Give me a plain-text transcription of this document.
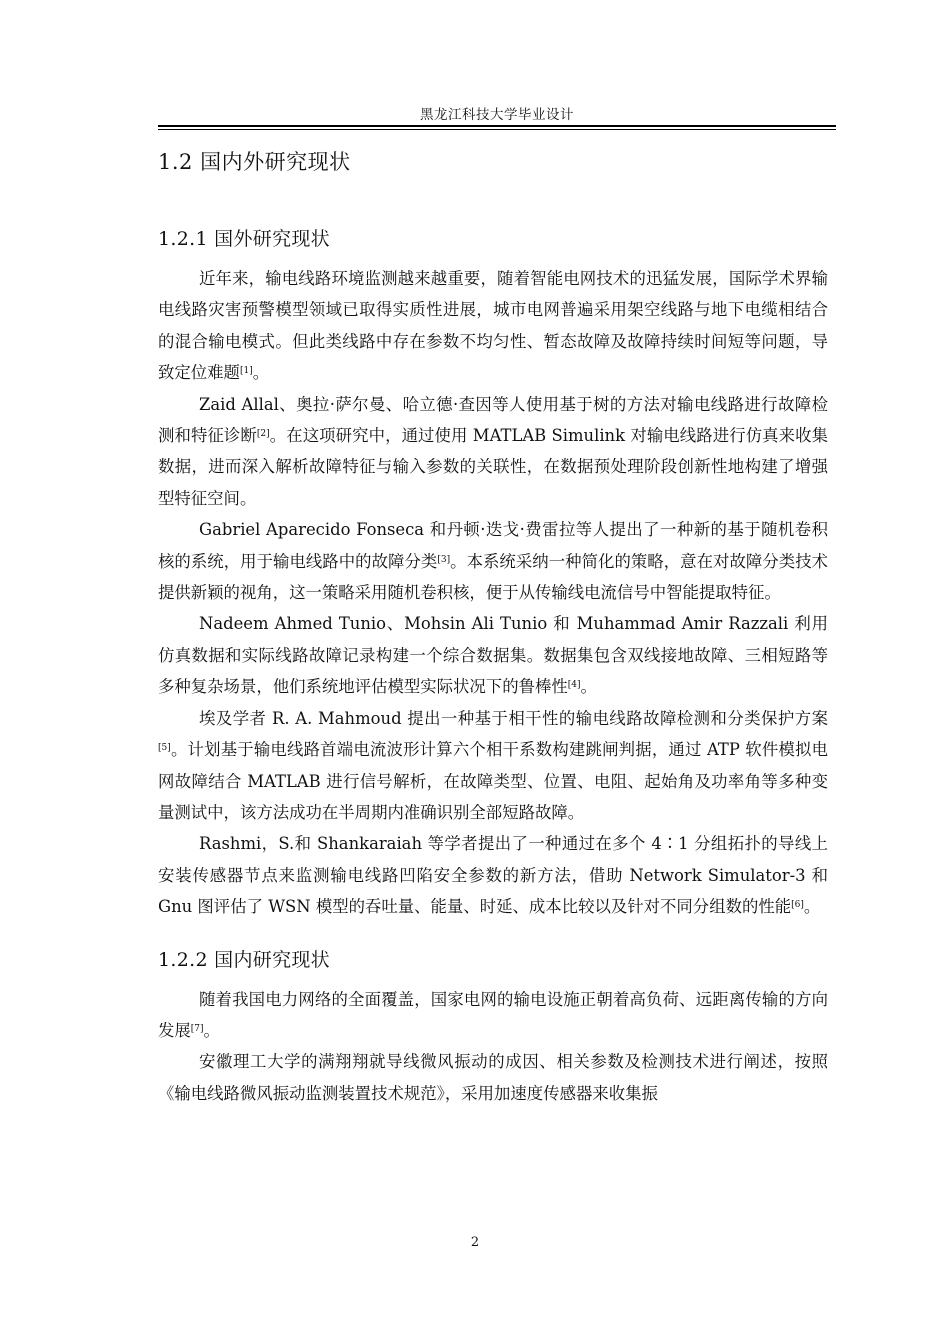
黑龙江科技大学毕业设计
1.2 国内外研究现状
1.2.1 国外研究现状

近年来，输电线路环境监测越来越重要，随着智能电网技术的迅猛发展，国际学术界输电线路灾害预警模型领域已取得实质性进展，城市电网普遍采用架空线路与地下电缆相结合的混合输电模式。但此类线路中存在参数不均匀性、暂态故障及故障持续时间短等问题，导致定位难题[1]。

Zaid Allal、奥拉·萨尔曼、哈立德·查因等人使用基于树的方法对输电线路进行故障检测和特征诊断[2]。在这项研究中，通过使用 MATLAB Simulink 对输电线路进行仿真来收集数据，进而深入解析故障特征与输入参数的关联性，在数据预处理阶段创新性地构建了增强型特征空间。

Gabriel Aparecido Fonseca 和丹顿·迭戈·费雷拉等人提出了一种新的基于随机卷积核的系统，用于输电线路中的故障分类[3]。本系统采纳一种简化的策略，意在对故障分类技术提供新颖的视角，这一策略采用随机卷积核，便于从传输线电流信号中智能提取特征。

Nadeem Ahmed Tunio、Mohsin Ali Tunio 和 Muhammad Amir Razzali 利用仿真数据和实际线路故障记录构建一个综合数据集。数据集包含双线接地故障、三相短路等多种复杂场景，他们系统地评估模型实际状况下的鲁棒性[4]。

埃及学者 R. A. Mahmoud 提出一种基于相干性的输电线路故障检测和分类保护方案[5]。计划基于输电线路首端电流波形计算六个相干系数构建跳闸判据，通过 ATP 软件模拟电网故障结合 MATLAB 进行信号解析，在故障类型、位置、电阻、起始角及功率角等多种变量测试中，该方法成功在半周期内准确识别全部短路故障。

Rashmi，S.和 Shankaraiah 等学者提出了一种通过在多个 4∶1 分组拓扑的导线上安装传感器节点来监测输电线路凹陷安全参数的新方法，借助 Network Simulator-3 和 Gnu 图评估了 WSN 模型的吞吐量、能量、时延、成本比较以及针对不同分组数的性能[6]。

1.2.2 国内研究现状

随着我国电力网络的全面覆盖，国家电网的输电设施正朝着高负荷、远距离传输的方向发展[7]。

安徽理工大学的满翔翔就导线微风振动的成因、相关参数及检测技术进行阐述，按照《输电线路微风振动监测装置技术规范》，采用加速度传感器来收集振

2
